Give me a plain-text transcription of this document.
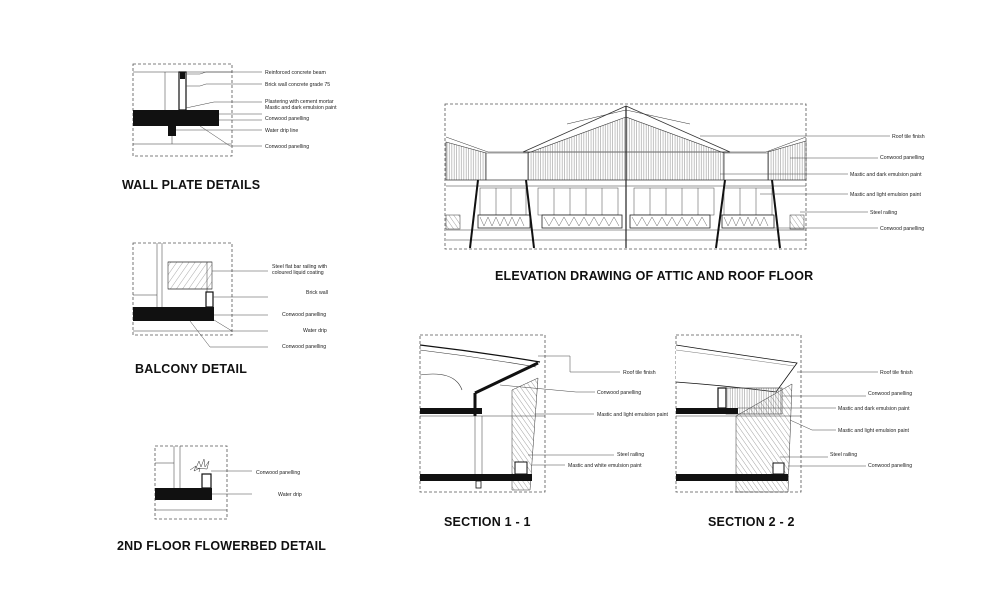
Reinforced concrete beam
Brick wall concrete grade 75
Plastering with cement mortar
Mastic and dark emulsion paint
Conwood panelling
Water drip line
Conwood panelling
WALL PLATE DETAILS
Steel flat bar railing with
coloured liquid coating
Brick wall
Conwood panelling
Water drip
Conwood panelling
BALCONY DETAIL
Conwood panelling
Water drip
2ND FLOOR FLOWERBED DETAIL
Roof tile finish
Conwood panelling
Mastic and dark emulsion paint
Mastic and light emulsion paint
Steel railing
Conwood panelling
ELEVATION DRAWING OF ATTIC AND ROOF FLOOR
Roof tile finish
Conwood panelling
Mastic and light emulsion paint
Steel railing
Mastic and white emulsion paint
SECTION 1 - 1
Roof tile finish
Conwood panelling
Mastic and dark emulsion paint
Mastic and light emulsion paint
Steel railing
Conwood panelling
SECTION 2 - 2
